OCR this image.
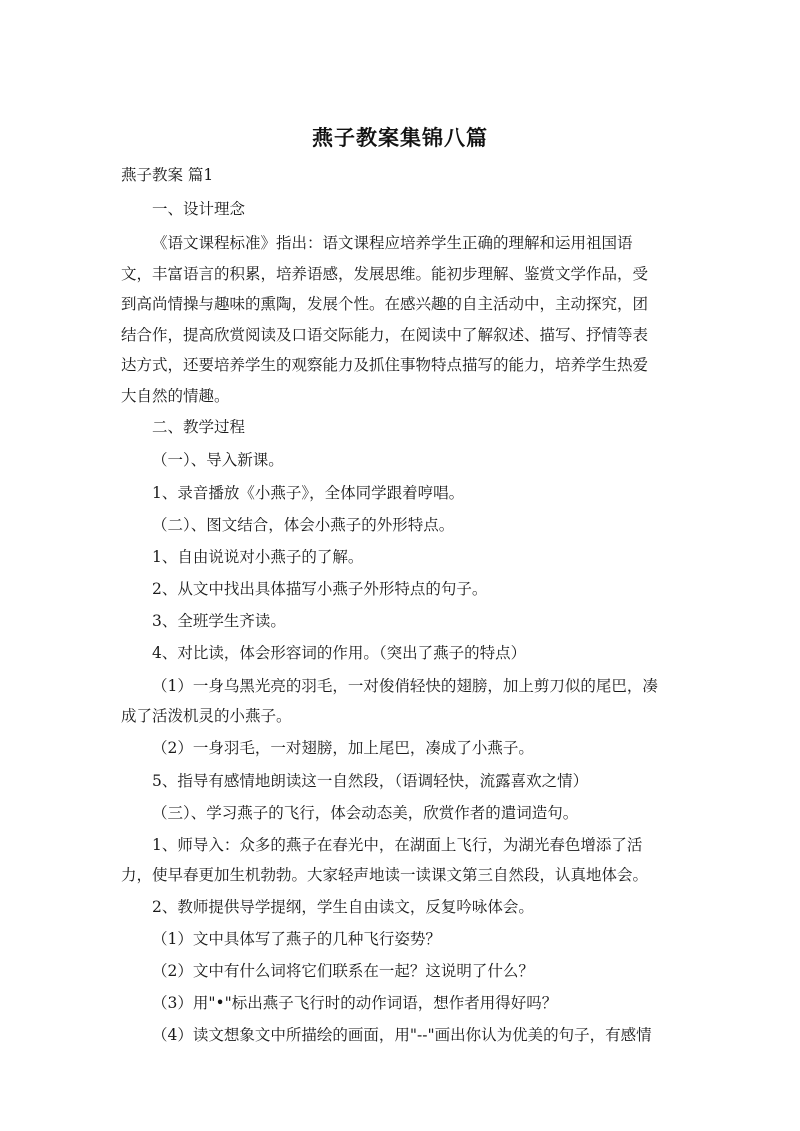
燕子教案集锦八篇
燕子教案 篇1
一、设计理念
《语文课程标准》指出：语文课程应培养学生正确的理解和运用祖国语
文，丰富语言的积累，培养语感，发展思维。能初步理解、鉴赏文学作品，受
到高尚情操与趣味的熏陶，发展个性。在感兴趣的自主活动中，主动探究，团
结合作，提高欣赏阅读及口语交际能力，在阅读中了解叙述、描写、抒情等表
达方式，还要培养学生的观察能力及抓住事物特点描写的能力，培养学生热爱
大自然的情趣。
二、教学过程
（一）、导入新课。
1、录音播放《小燕子》，全体同学跟着哼唱。
（二）、图文结合，体会小燕子的外形特点。
1、自由说说对小燕子的了解。
2、从文中找出具体描写小燕子外形特点的句子。
3、全班学生齐读。
4、对比读，体会形容词的作用。（突出了燕子的特点）
（1）一身乌黑光亮的羽毛，一对俊俏轻快的翅膀，加上剪刀似的尾巴，凑
成了活泼机灵的小燕子。
（2）一身羽毛，一对翅膀，加上尾巴，凑成了小燕子。
5、指导有感情地朗读这一自然段，（语调轻快，流露喜欢之情）
（三）、学习燕子的飞行，体会动态美，欣赏作者的遣词造句。
1、师导入：众多的燕子在春光中，在湖面上飞行，为湖光春色增添了活
力，使早春更加生机勃勃。大家轻声地读一读课文第三自然段，认真地体会。
2、教师提供导学提纲，学生自由读文，反复吟咏体会。
（1）文中具体写了燕子的几种飞行姿势？
（2）文中有什么词将它们联系在一起？这说明了什么？
（3）用"•"标出燕子飞行时的动作词语，想作者用得好吗？
（4）读文想象文中所描绘的画面，用"--"画出你认为优美的句子，有感情
